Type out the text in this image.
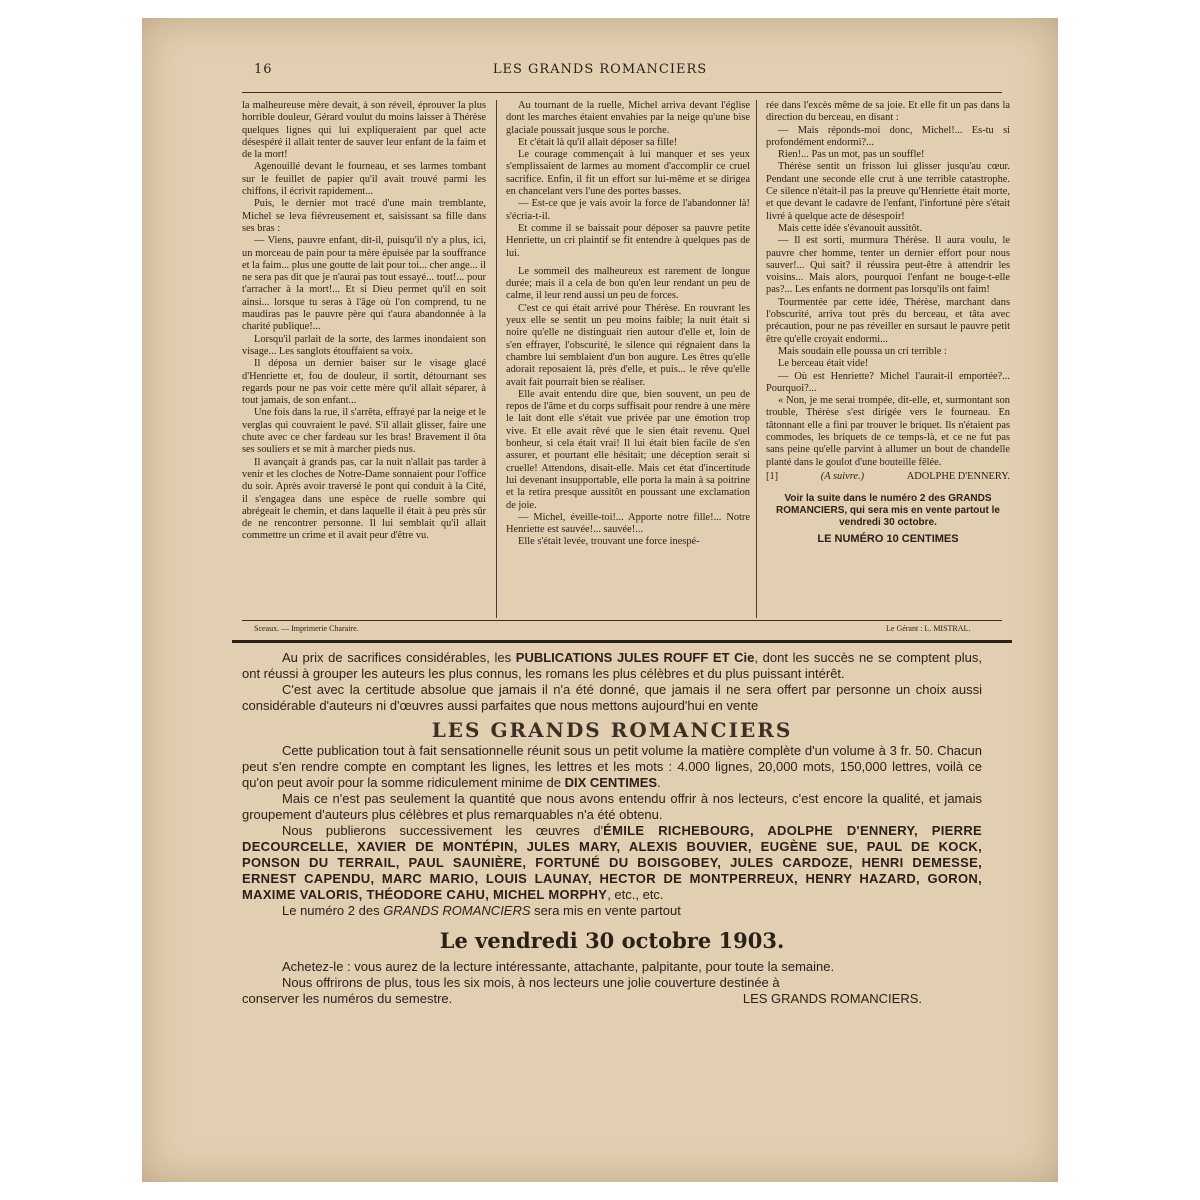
16	LES GRANDS ROMANCIERS

la malheureuse mère devait, à son réveil, éprouver la plus horrible douleur, Gérard voulut du moins laisser à Thérèse quelques lignes qui lui expliqueraient par quel acte désespéré il allait tenter de sauver leur enfant de la faim et de la mort!

Agenouillé devant le fourneau, et ses larmes tombant sur le feuillet de papier qu'il avait trouvé parmi les chiffons, il écrivit rapidement...

Puis, le dernier mot tracé d'une main tremblante, Michel se leva fiévreusement et, saisissant sa fille dans ses bras :

— Viens, pauvre enfant, dit-il, puisqu'il n'y a plus, ici, un morceau de pain pour ta mère épuisée par la souffrance et la faim... plus une goutte de lait pour toi... cher ange... il ne sera pas dit que je n'aurai pas tout essayé... tout!... pour t'arracher à la mort!... Et si Dieu permet qu'il en soit ainsi... lorsque tu seras à l'âge où l'on comprend, tu ne maudiras pas le pauvre père qui t'aura abandonnée à la charité publique!...

Lorsqu'il parlait de la sorte, des larmes inondaient son visage... Les sanglots étouffaient sa voix.

Il déposa un dernier baiser sur le visage glacé d'Henriette et, fou de douleur, il sortit, détournant ses regards pour ne pas voir cette mère qu'il allait séparer, à tout jamais, de son enfant...

Une fois dans la rue, il s'arrêta, effrayé par la neige et le verglas qui couvraient le pavé. S'il allait glisser, faire une chute avec ce cher fardeau sur les bras! Bravement il ôta ses souliers et se mit à marcher pieds nus.

Il avançait à grands pas, car la nuit n'allait pas tarder à venir et les cloches de Notre-Dame sonnaient pour l'office du soir. Après avoir traversé le pont qui conduit à la Cité, il s'engagea dans une espèce de ruelle sombre qui abrégeait le chemin, et dans laquelle il était à peu près sûr de ne rencontrer personne. Il lui semblait qu'il allait commettre un crime et il avait peur d'être vu.

Au tournant de la ruelle, Michel arriva devant l'église dont les marches étaient envahies par la neige qu'une bise glaciale poussait jusque sous le porche.

Et c'était là qu'il allait déposer sa fille!

Le courage commençait à lui manquer et ses yeux s'emplissaient de larmes au moment d'accomplir ce cruel sacrifice. Enfin, il fit un effort sur lui-même et se dirigea en chancelant vers l'une des portes basses.

— Est-ce que je vais avoir la force de l'abandonner là! s'écria-t-il.

Et comme il se baissait pour déposer sa pauvre petite Henriette, un cri plaintif se fit entendre à quelques pas de lui.

Le sommeil des malheureux est rarement de longue durée; mais il a cela de bon qu'en leur rendant un peu de calme, il leur rend aussi un peu de forces.

C'est ce qui était arrivé pour Thérèse. En rouvrant les yeux elle se sentit un peu moins faible; la nuit était si noire qu'elle ne distinguait rien autour d'elle et, loin de s'en effrayer, l'obscurité, le silence qui régnaient dans la chambre lui semblaient d'un bon augure. Les êtres qu'elle adorait reposaient là, près d'elle, et puis... le rêve qu'elle avait fait pourrait bien se réaliser.

Elle avait entendu dire que, bien souvent, un peu de repos de l'âme et du corps suffisait pour rendre à une mère le lait dont elle s'était vue privée par une émotion trop vive. Et elle avait rêvé que le sien était revenu. Quel bonheur, si cela était vrai! Il lui était bien facile de s'en assurer, et pourtant elle hésitait; une déception serait si cruelle! Attendons, disait-elle. Mais cet état d'incertitude lui devenant insupportable, elle porta la main à sa poitrine et la retira presque aussitôt en poussant une exclamation de joie.

— Michel, éveille-toi!... Apporte notre fille!... Notre Henriette est sauvée!... sauvée!...

Elle s'était levée, trouvant une force inespé-

rée dans l'excès même de sa joie. Et elle fit un pas dans la direction du berceau, en disant :

— Mais réponds-moi donc, Michel!... Es-tu si profondément endormi?...

Rien!... Pas un mot, pas un souffle!

Thérèse sentit un frisson lui glisser jusqu'au cœur. Pendant une seconde elle crut à une terrible catastrophe. Ce silence n'était-il pas la preuve qu'Henriette était morte, et que devant le cadavre de l'enfant, l'infortuné père s'était livré à quelque acte de désespoir!

Mais cette idée s'évanouit aussitôt.

— Il est sorti, murmura Thérèse. Il aura voulu, le pauvre cher homme, tenter un dernier effort pour nous sauver!... Qui sait? il réussira peut-être à attendrir les voisins... Mais alors, pourquoi l'enfant ne bouge-t-elle pas?... Les enfants ne dorment pas lorsqu'ils ont faim!

Tourmentée par cette idée, Thérèse, marchant dans l'obscurité, arriva tout près du berceau, et tâta avec précaution, pour ne pas réveiller en sursaut le pauvre petit être qu'elle croyait endormi...

Mais soudain elle poussa un cri terrible :

Le berceau était vide!

— Où est Henriette? Michel l'aurait-il emportée?... Pourquoi?...

« Non, je me serai trompée, dit-elle, et, surmontant son trouble, Thérèse s'est dirigée vers le fourneau. En tâtonnant elle a fini par trouver le briquet. Ils n'étaient pas commodes, les briquets de ce temps-là, et ce ne fut pas sans peine qu'elle parvint à allumer un bout de chandelle planté dans le goulot d'une bouteille fêlée.

[1]	(A suivre.)	ADOLPHE D'ENNERY.
Voir la suite dans le numéro 2 des GRANDS ROMANCIERS, qui sera mis en vente partout le vendredi 30 octobre.
LE NUMÉRO 10 CENTIMES
Sceaux. — Imprimerie Charaire.	Le Gérant : L. MISTRAL.

Au prix de sacrifices considérables, les PUBLICATIONS JULES ROUFF ET Cie, dont les succès ne se comptent plus, ont réussi à grouper les auteurs les plus connus, les romans les plus célèbres et du plus puissant intérêt.

C'est avec la certitude absolue que jamais il n'a été donné, que jamais il ne sera offert par personne un choix aussi considérable d'auteurs ni d'œuvres aussi parfaites que nous mettons aujourd'hui en vente

LES GRANDS ROMANCIERS

Cette publication tout à fait sensationnelle réunit sous un petit volume la matière complète d'un volume à 3 fr. 50. Chacun peut s'en rendre compte en comptant les lignes, les lettres et les mots : 4.000 lignes, 20,000 mots, 150,000 lettres, voilà ce qu'on peut avoir pour la somme ridiculement minime de DIX CENTIMES.

Mais ce n'est pas seulement la quantité que nous avons entendu offrir à nos lecteurs, c'est encore la qualité, et jamais groupement d'auteurs plus célèbres et plus remarquables n'a été obtenu.

Nous publierons successivement les œuvres d'ÉMILE RICHEBOURG, ADOLPHE D'ENNERY, PIERRE DECOURCELLE, XAVIER DE MONTÉPIN, JULES MARY, ALEXIS BOUVIER, EUGÈNE SUE, PAUL DE KOCK, PONSON DU TERRAIL, PAUL SAUNIÈRE, FORTUNÉ DU BOISGOBEY, JULES CARDOZE, HENRI DEMESSE, ERNEST CAPENDU, MARC MARIO, LOUIS LAUNAY, HECTOR DE MONTPERREUX, HENRY HAZARD, GORON, MAXIME VALORIS, THÉODORE CAHU, MICHEL MORPHY, etc., etc.

Le numéro 2 des GRANDS ROMANCIERS sera mis en vente partout

Le vendredi 30 octobre 1903.

Achetez-le : vous aurez de la lecture intéressante, attachante, palpitante, pour toute la semaine.

Nous offrirons de plus, tous les six mois, à nos lecteurs une jolie couverture destinée à

conserver les numéros du semestre.	LES GRANDS ROMANCIERS.
